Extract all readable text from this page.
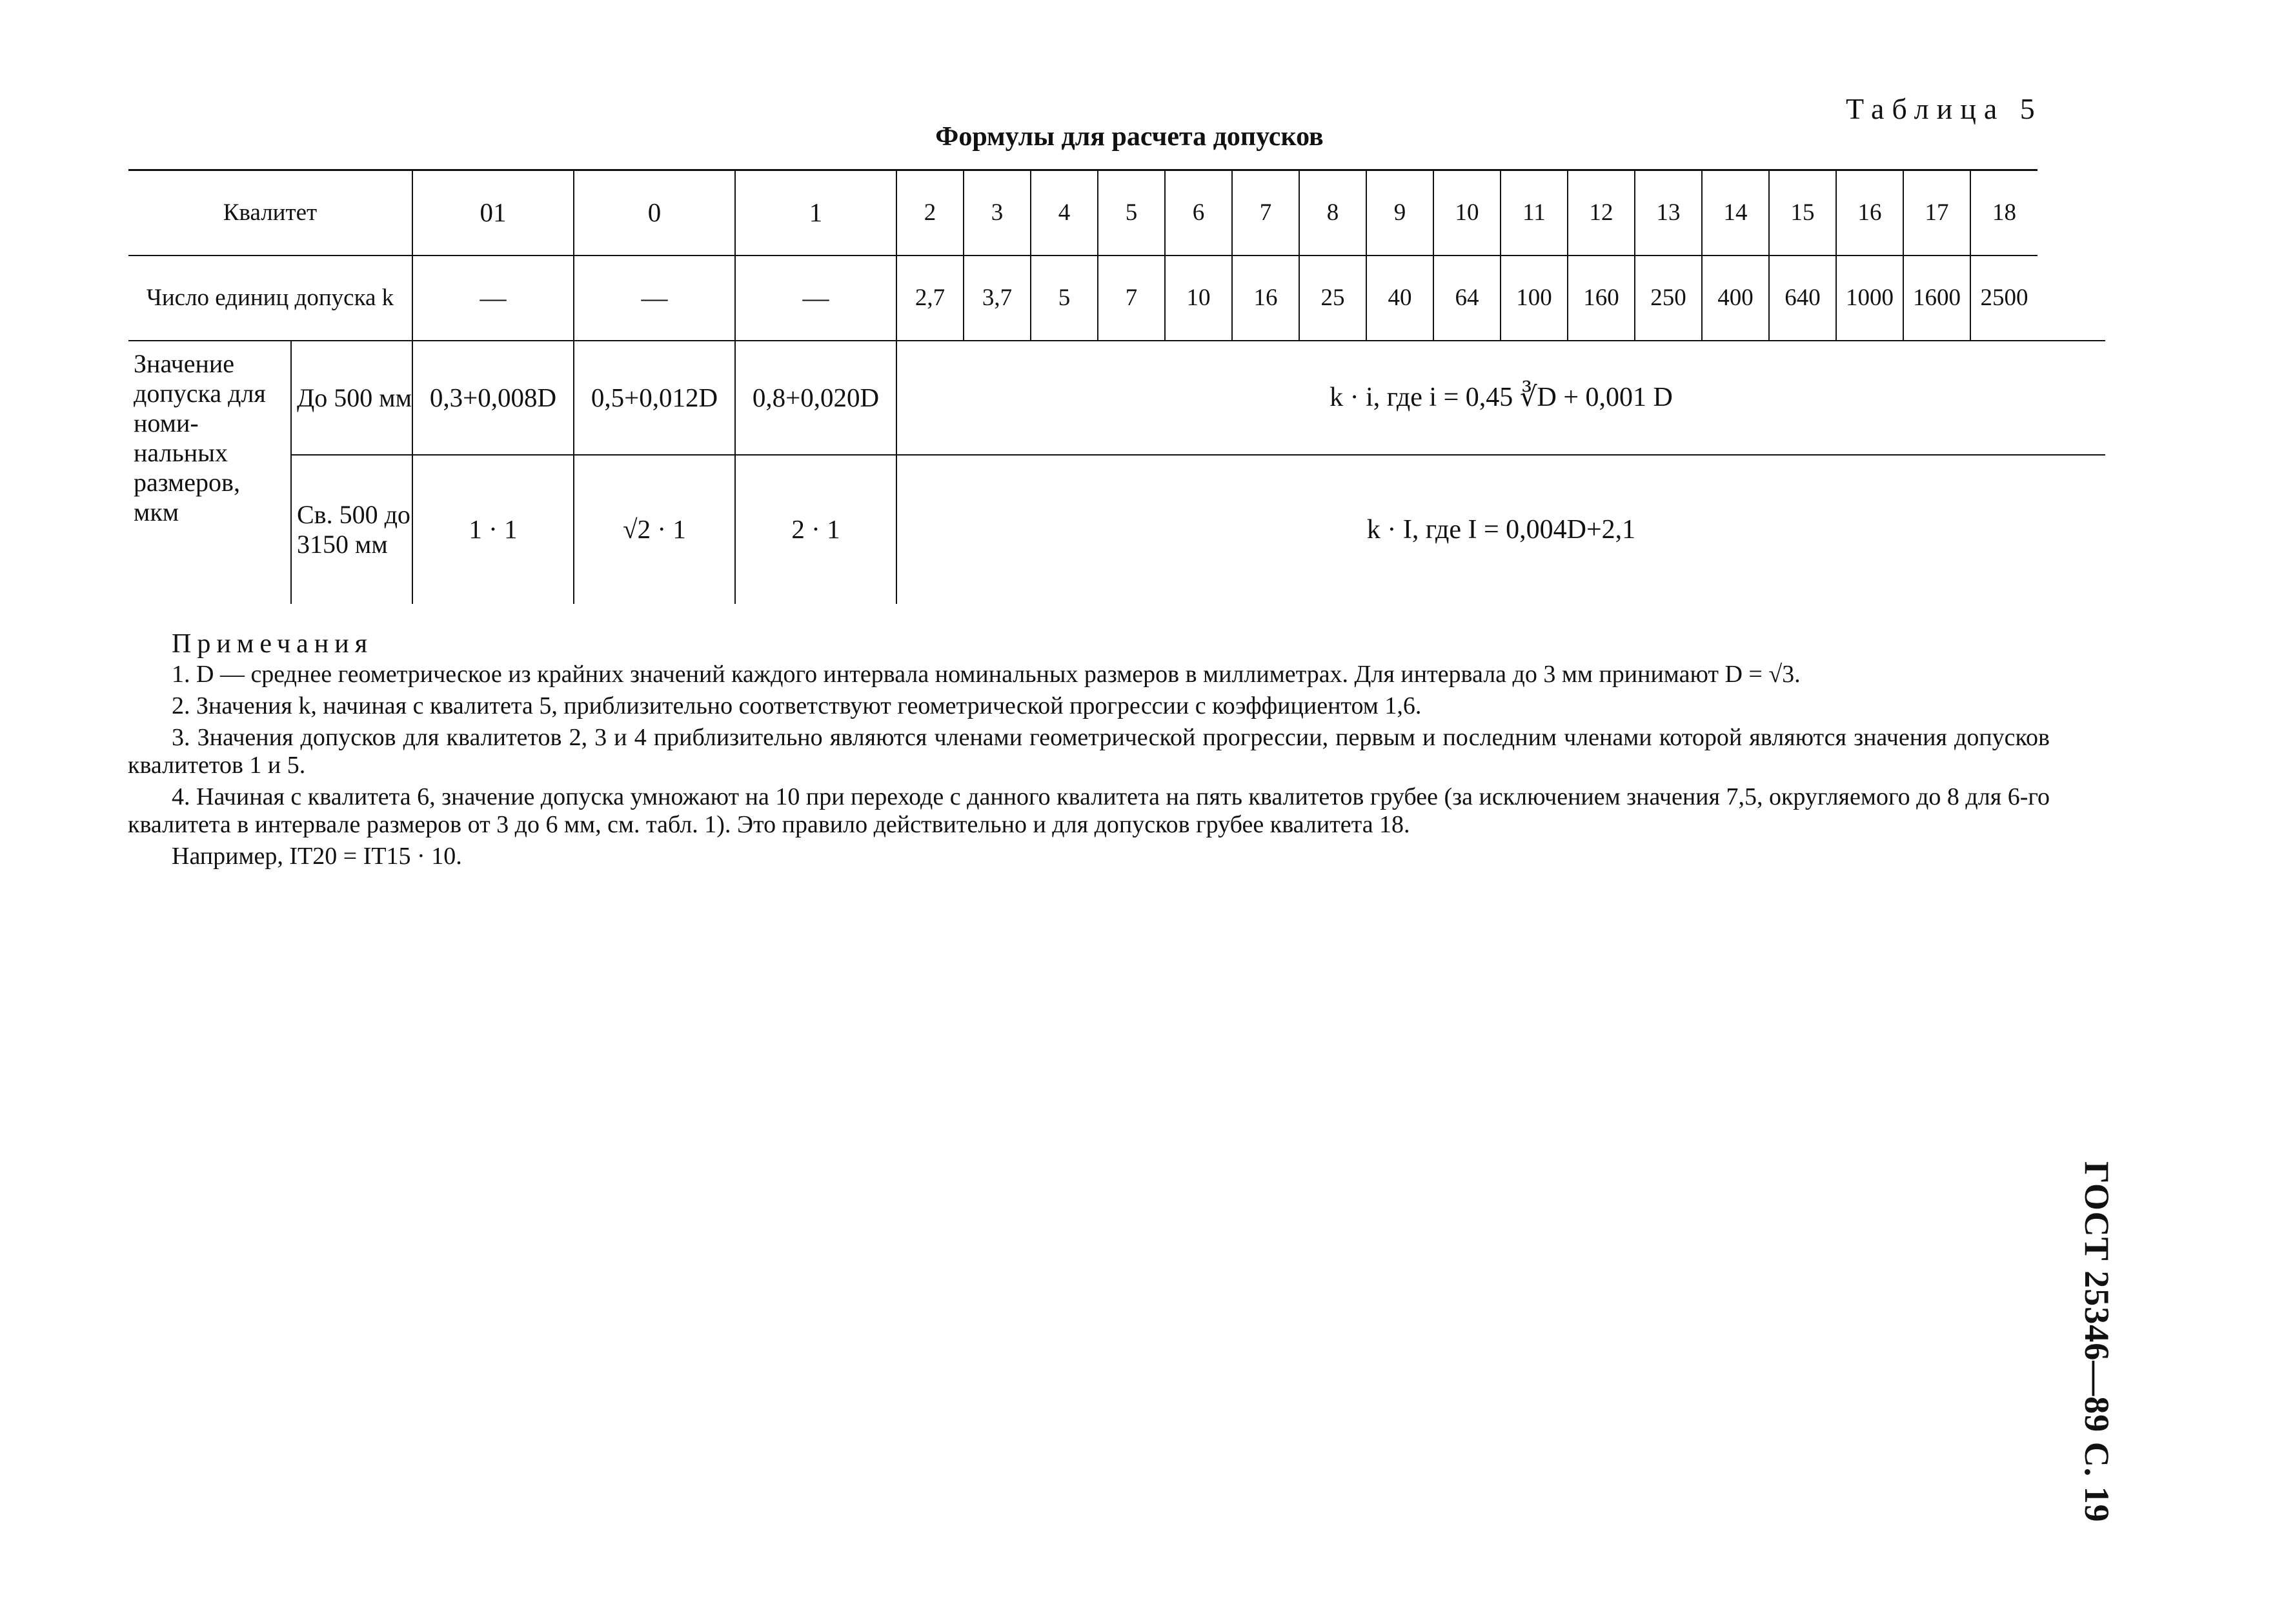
Таблица 5
Формулы для расчета допусков
Квалитет		01	0	1	2	3	4	5	6	7	8	9	10	11	12	13	14	15	16	17	18
Число единиц допуска k		—	—	—	2,7	3,7	5	7	10	16	25	40	64	100	160	250	400	640	1000	1600	2500
Значение допуска для номи-нальных размеров, мкм	До 500 мм	0,3+0,008D	0,5+0,012D	0,8+0,020D	k · i, где i = 0,45 ∛D + 0,001 D																
	Св. 500 до 3150 мм	1 · 1	√2 · 1	2 · 1	k · I, где I = 0,004D+2,1																
Примечания

1. D — среднее геометрическое из крайних значений каждого интервала номинальных размеров в миллиметрах. Для интервала до 3 мм принимают D = √3.

2. Значения k, начиная с квалитета 5, приблизительно соответствуют геометрической прогрессии с коэффициентом 1,6.

3. Значения допусков для квалитетов 2, 3 и 4 приблизительно являются членами геометрической прогрессии, первым и последним членами которой являются значения допусков квалитетов 1 и 5.

4. Начиная с квалитета 6, значение допуска умножают на 10 при переходе с данного квалитета на пять квалитетов грубее (за исключением значения 7,5, округляемого до 8 для 6-го квалитета в интервале размеров от 3 до 6 мм, см. табл. 1). Это правило действительно и для допусков грубее квалитета 18.

Например, IT20 = IT15 · 10.
ГОСТ 25346—89 С. 19
